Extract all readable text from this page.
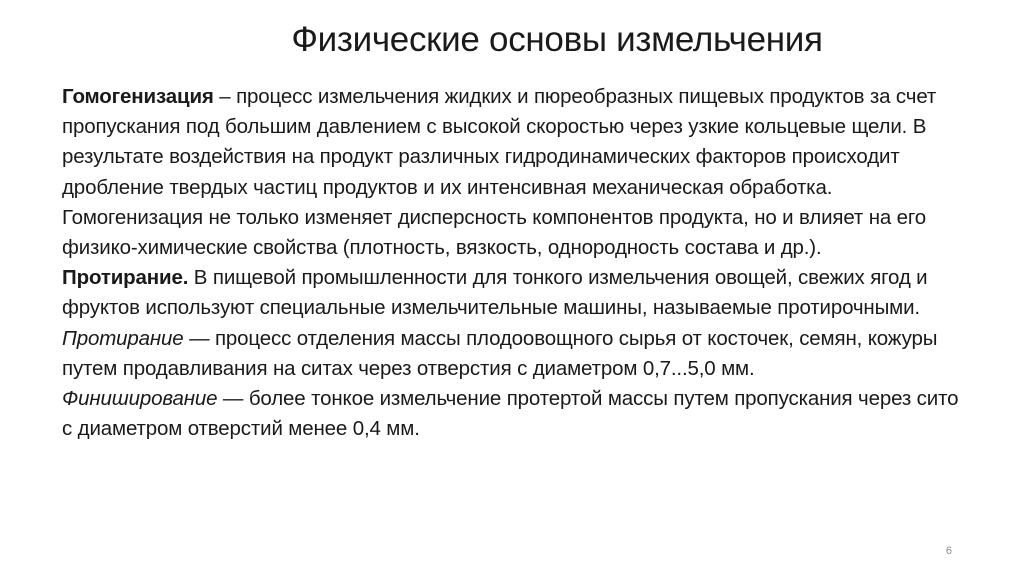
Физические основы измельчения

Гомогенизация – процесс измельчения жидких и пюреобразных пищевых продуктов за счет пропускания под большим давлением с высокой скоростью через узкие кольцевые щели. В результате воздействия на продукт различных гидродинамических факторов происходит дробление твердых частиц продуктов и их интенсивная механическая обработка. Гомогенизация не только изменяет дисперсность компонентов продукта, но и влияет на его физико-химические свойства (плотность, вязкость, однородность состава и др.).

Протирание. В пищевой промышленности для тонкого измельчения овощей, свежих ягод и фруктов используют специальные измельчительные машины, называемые протирочными.

Протирание — процесс отделения массы плодоовощного сырья от косточек, семян, кожуры путем продавливания на ситах через отверстия с диаметром 0,7...5,0 мм.

Финиширование — более тонкое измельчение протертой массы путем пропускания через сито с диаметром отверстий менее 0,4 мм.

6
